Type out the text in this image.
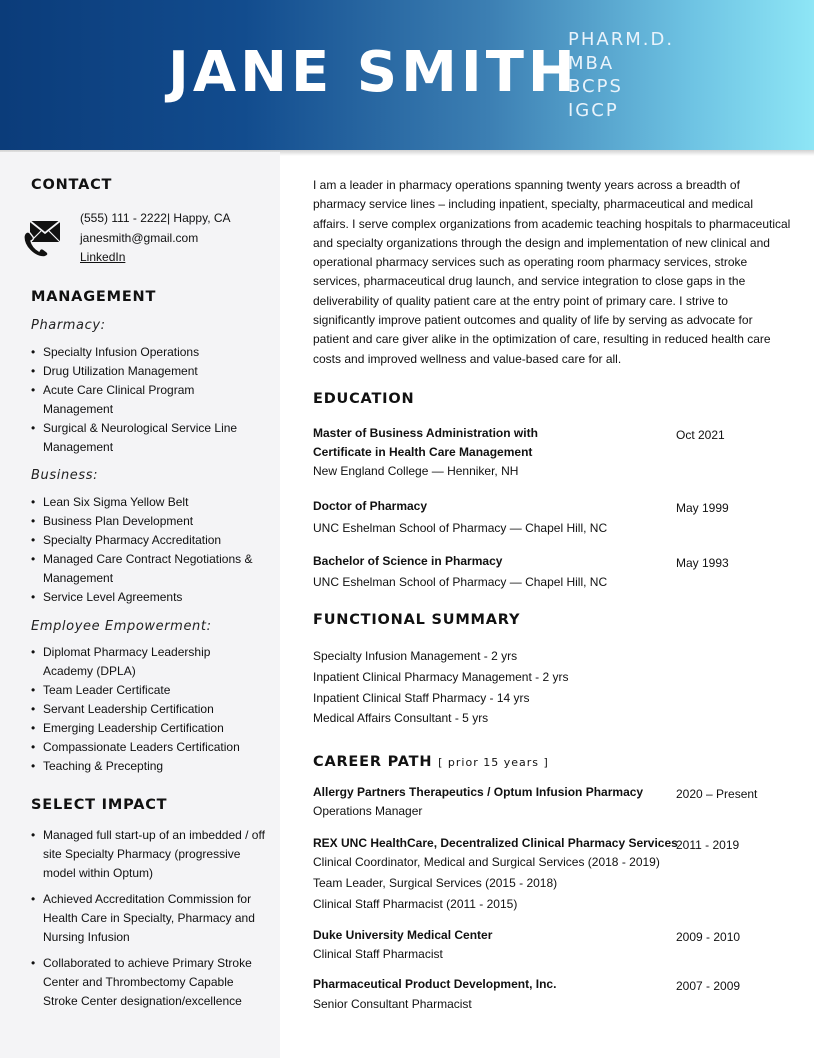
JANE SMITH
PHARM.D.
MBA
BCPS
IGCP
CONTACT
(555) 111 - 2222| Happy, CA
janesmith@gmail.com
LinkedIn
MANAGEMENT
Pharmacy:
• Specialty Infusion Operations
• Drug Utilization Management
• Acute Care Clinical Program Management
• Surgical & Neurological Service Line Management
Business:
• Lean Six Sigma Yellow Belt
• Business Plan Development
• Specialty Pharmacy Accreditation
• Managed Care Contract Negotiations & Management
• Service Level Agreements
Employee Empowerment:
• Diplomat Pharmacy Leadership Academy (DPLA)
• Team Leader Certificate
• Servant Leadership Certification
• Emerging Leadership Certification
• Compassionate Leaders Certification
• Teaching & Precepting
SELECT IMPACT
• Managed full start-up of an imbedded / off site Specialty Pharmacy (progressive model within Optum)
• Achieved Accreditation Commission for Health Care in Specialty, Pharmacy and Nursing Infusion
• Collaborated to achieve Primary Stroke Center and Thrombectomy Capable Stroke Center designation/excellence
I am a leader in pharmacy operations spanning twenty years across a breadth of pharmacy service lines – including inpatient, specialty, pharmaceutical and medical affairs. I serve complex organizations from academic teaching hospitals to pharmaceutical and specialty organizations through the design and implementation of new clinical and operational pharmacy services such as operating room pharmacy services, stroke services, pharmaceutical drug launch, and service integration to close gaps in the deliverability of quality patient care at the entry point of primary care. I strive to significantly improve patient outcomes and quality of life by serving as advocate for patient and care giver alike in the optimization of care, resulting in reduced health care costs and improved wellness and value-based care for all.
EDUCATION
Master of Business Administration with
Certificate in Health Care Management
New England College — Henniker, NH
Oct 2021
Doctor of Pharmacy
UNC Eshelman School of Pharmacy — Chapel Hill, NC
May 1999
Bachelor of Science in Pharmacy
UNC Eshelman School of Pharmacy — Chapel Hill, NC
May 1993
FUNCTIONAL SUMMARY
Specialty Infusion Management - 2 yrs
Inpatient Clinical Pharmacy Management - 2 yrs
Inpatient Clinical Staff Pharmacy - 14 yrs
Medical Affairs Consultant - 5 yrs
CAREER PATH [ prior 15 years ]
Allergy Partners Therapeutics / Optum Infusion Pharmacy
Operations Manager
2020 – Present
REX UNC HealthCare, Decentralized Clinical Pharmacy Services
Clinical Coordinator, Medical and Surgical Services (2018 - 2019)
Team Leader, Surgical Services (2015 - 2018)
Clinical Staff Pharmacist (2011 - 2015)
2011 - 2019
Duke University Medical Center
Clinical Staff Pharmacist
2009 - 2010
Pharmaceutical Product Development, Inc.
Senior Consultant Pharmacist
2007 - 2009
